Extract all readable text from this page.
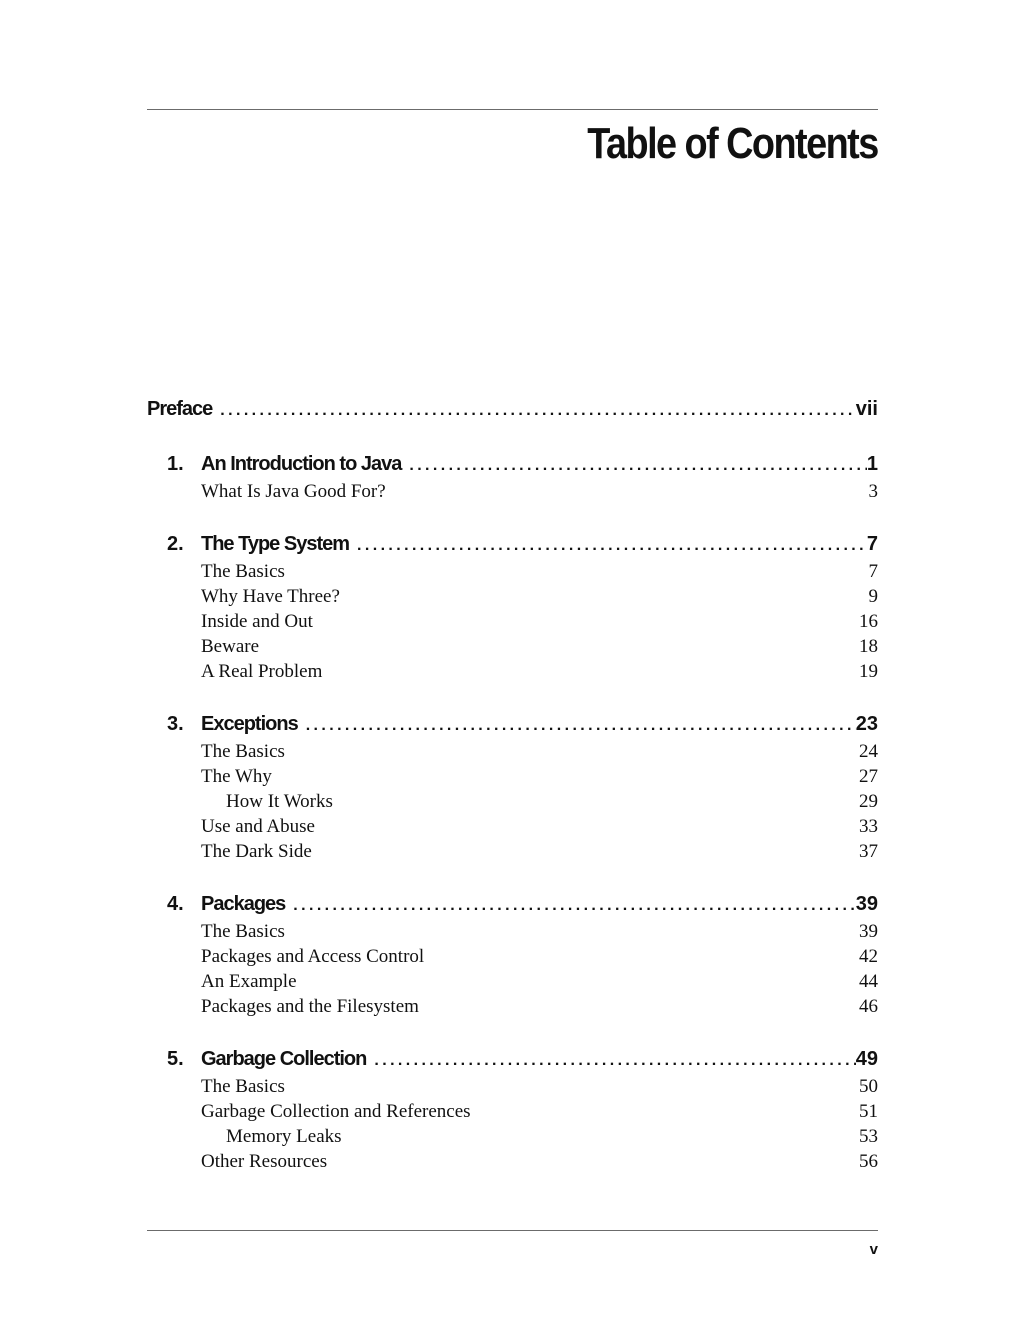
Table of Contents
Preface .....	vii
1. An Introduction to Java .....	1
What Is Java Good For?	3
2. The Type System .....	7
The Basics	7
Why Have Three?	9
Inside and Out	16
Beware	18
A Real Problem	19
3. Exceptions .....	23
The Basics	24
The Why	27
How It Works	29
Use and Abuse	33
The Dark Side	37
4. Packages .....	39
The Basics	39
Packages and Access Control	42
An Example	44
Packages and the Filesystem	46
5. Garbage Collection .....	49
The Basics	50
Garbage Collection and References	51
Memory Leaks	53
Other Resources	56
v
